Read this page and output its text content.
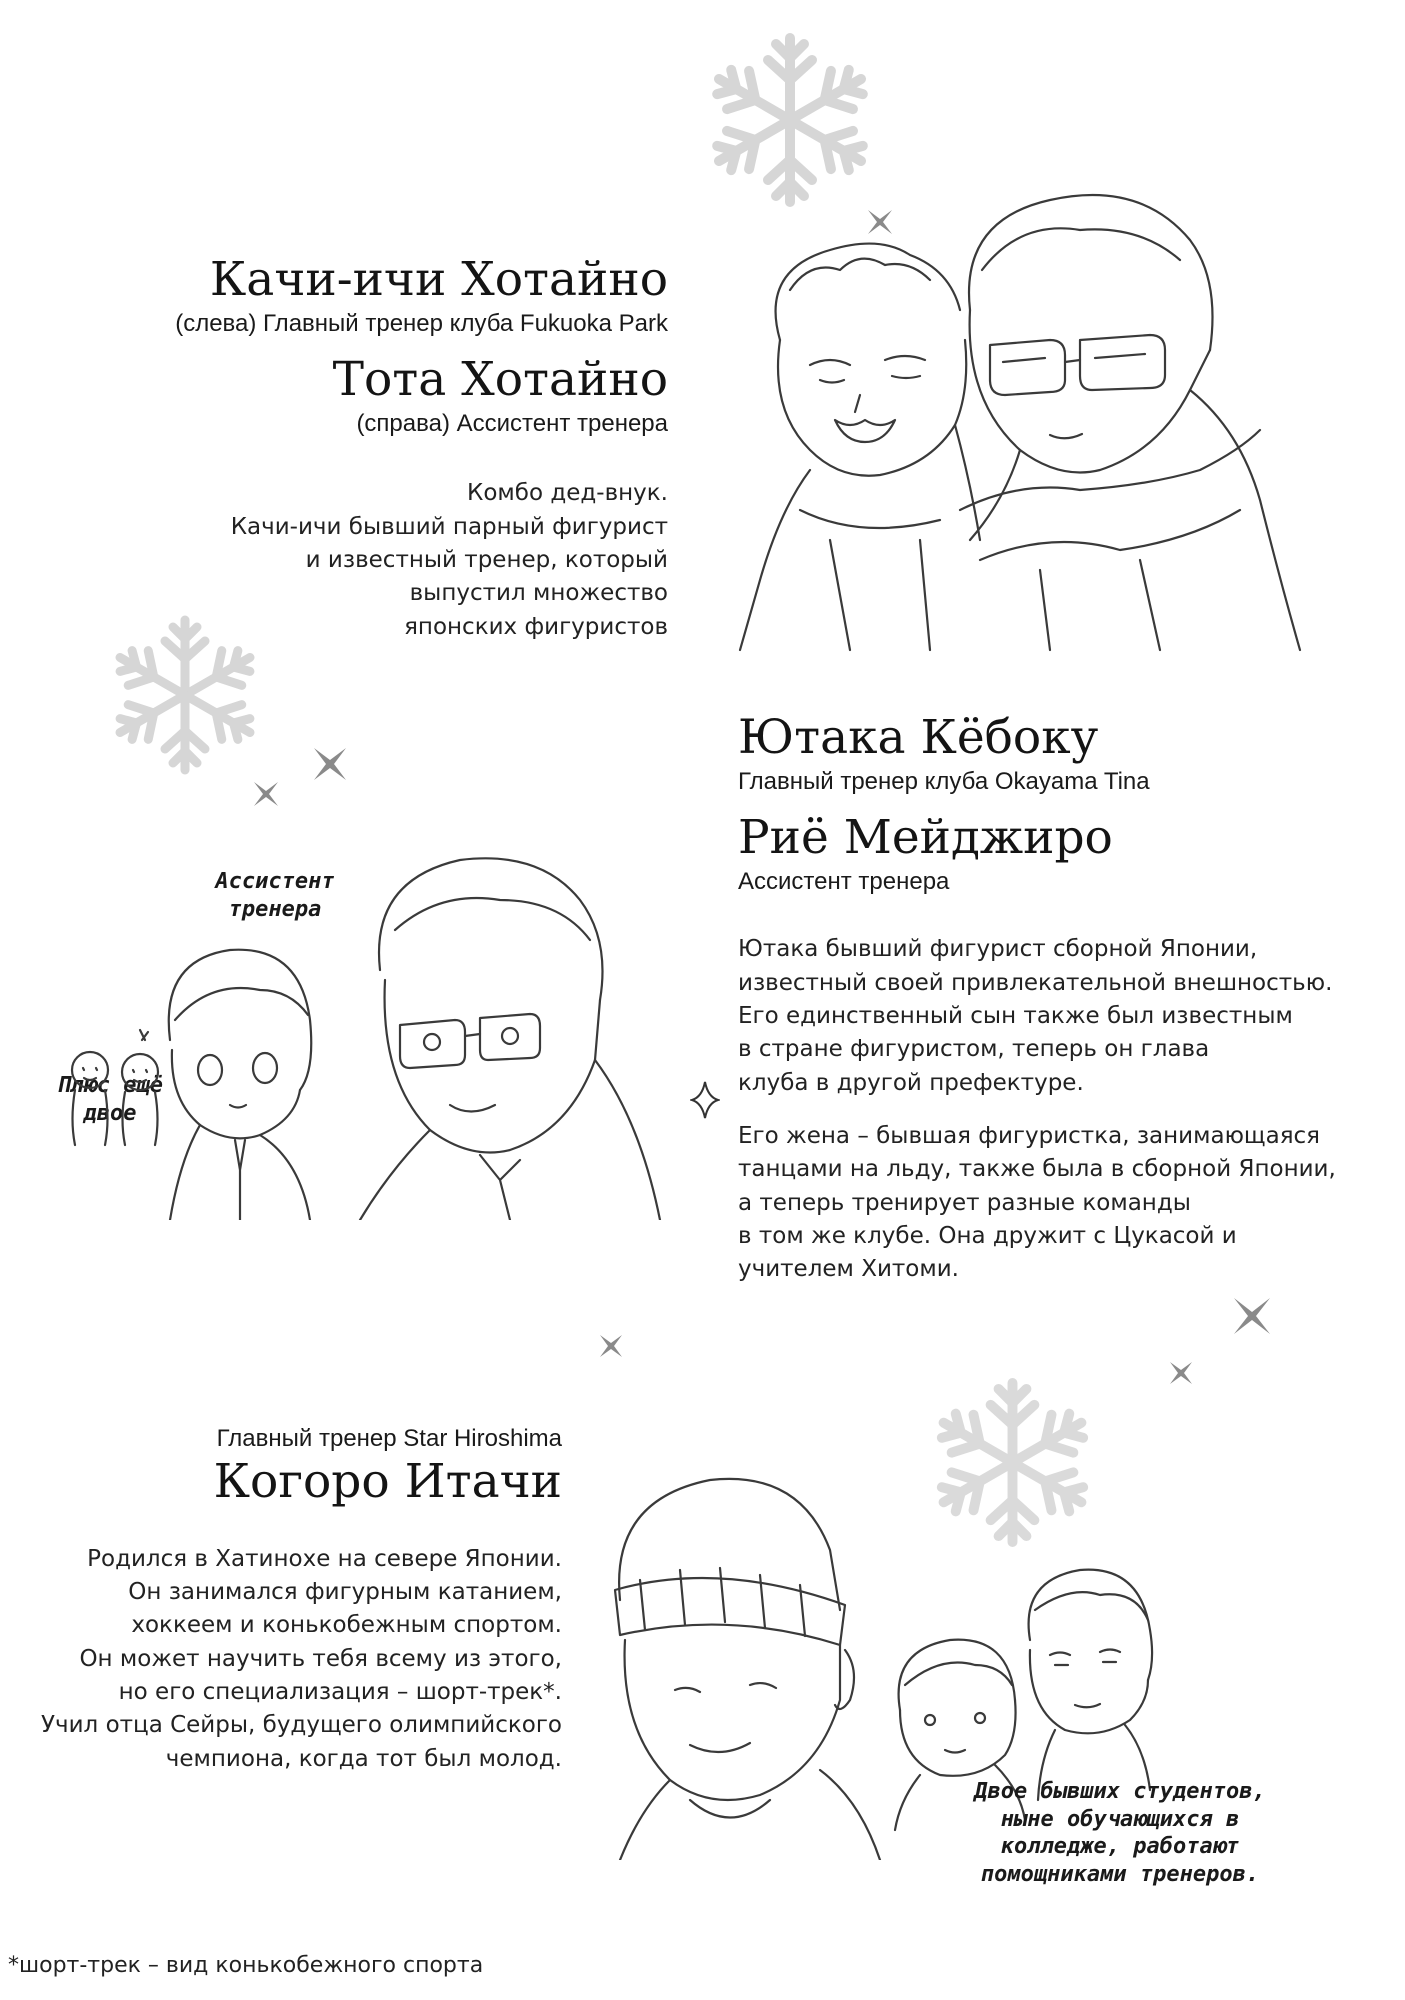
Качи-ичи Хотайно
(слева) Главный тренер клуба Fukuoka Park
Тота Хотайно
(справа) Ассистент тренера

Комбо дед-внук.

Качи-ичи бывший парный фигурист

и известный тренер, который

выпустил множество

японских фигуристов

Ютака Кёбоку
Главный тренер клуба Okayama Tina
Риё Мейджиро
Ассистент тренера

Ютака бывший фигурист сборной Японии,

известный своей привлекательной внешностью.

Его единственный сын также был известным

в стране фигуристом, теперь он глава

клуба в другой префектуре.

Его жена – бывшая фигуристка, занимающаяся

танцами на льду, также была в сборной Японии,

а теперь тренирует разные команды

в том же клубе. Она дружит с Цукасой и

учителем Хитоми.

Ассистент
тренера
Плюс ещё
двое
Главный тренер Star Hiroshima
Когоро Итачи

Родился в Хатинохе на севере Японии.

Он занимался фигурным катанием,

хоккеем и конькобежным спортом.

Он может научить тебя всему из этого,

но его специализация – шорт-трек*.

Учил отца Сейры, будущего олимпийского

чемпиона, когда тот был молод.

Двое бывших студентов,
ныне обучающихся в
колледже, работают
помощниками тренеров.
*шорт-трек – вид конькобежного спорта
